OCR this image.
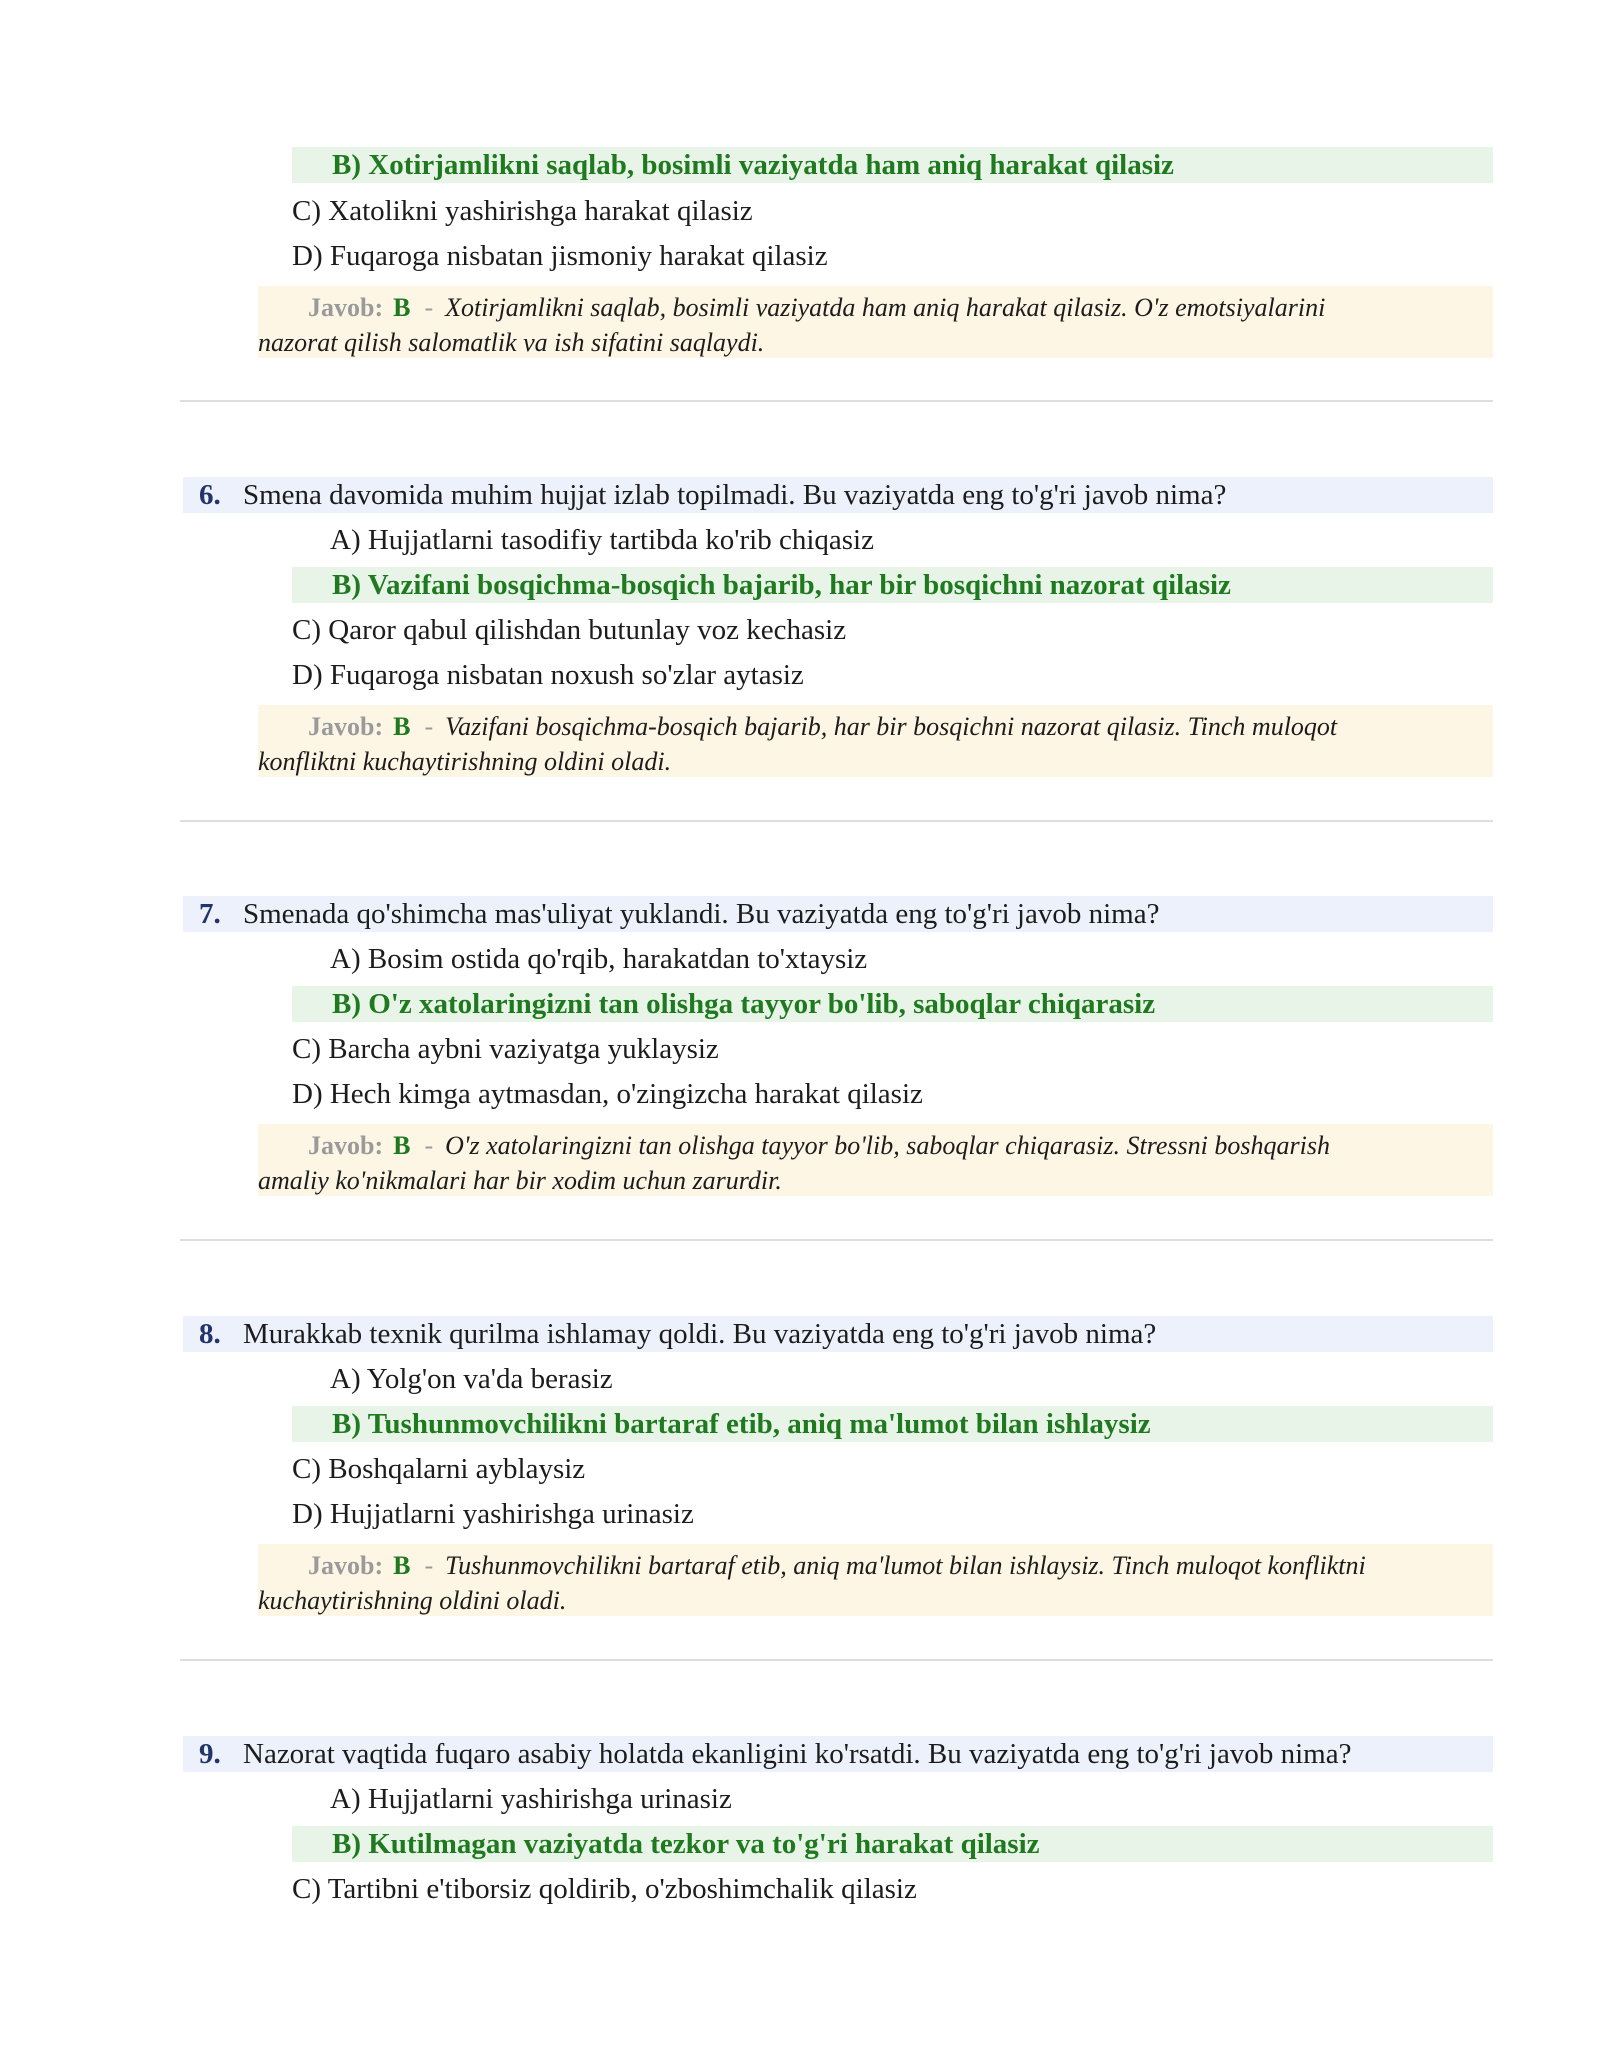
B) Xotirjamlikni saqlab, bosimli vaziyatda ham aniq harakat qilasiz
C) Xatolikni yashirishga harakat qilasiz
D) Fuqaroga nisbatan jismoniy harakat qilasiz
Javob: B - Xotirjamlikni saqlab, bosimli vaziyatda ham aniq harakat qilasiz. O'z emotsiyalarini
nazorat qilish salomatlik va ish sifatini saqlaydi.
6. Smena davomida muhim hujjat izlab topilmadi. Bu vaziyatda eng to'g'ri javob nima?
A) Hujjatlarni tasodifiy tartibda ko'rib chiqasiz
B) Vazifani bosqichma-bosqich bajarib, har bir bosqichni nazorat qilasiz
C) Qaror qabul qilishdan butunlay voz kechasiz
D) Fuqaroga nisbatan noxush so'zlar aytasiz
Javob: B - Vazifani bosqichma-bosqich bajarib, har bir bosqichni nazorat qilasiz. Tinch muloqot
konfliktni kuchaytirishning oldini oladi.
7. Smenada qo'shimcha mas'uliyat yuklandi. Bu vaziyatda eng to'g'ri javob nima?
A) Bosim ostida qo'rqib, harakatdan to'xtaysiz
B) O'z xatolaringizni tan olishga tayyor bo'lib, saboqlar chiqarasiz
C) Barcha aybni vaziyatga yuklaysiz
D) Hech kimga aytmasdan, o'zingizcha harakat qilasiz
Javob: B - O'z xatolaringizni tan olishga tayyor bo'lib, saboqlar chiqarasiz. Stressni boshqarish
amaliy ko'nikmalari har bir xodim uchun zarurdir.
8. Murakkab texnik qurilma ishlamay qoldi. Bu vaziyatda eng to'g'ri javob nima?
A) Yolg'on va'da berasiz
B) Tushunmovchilikni bartaraf etib, aniq ma'lumot bilan ishlaysiz
C) Boshqalarni ayblaysiz
D) Hujjatlarni yashirishga urinasiz
Javob: B - Tushunmovchilikni bartaraf etib, aniq ma'lumot bilan ishlaysiz. Tinch muloqot konfliktni
kuchaytirishning oldini oladi.
9. Nazorat vaqtida fuqaro asabiy holatda ekanligini ko'rsatdi. Bu vaziyatda eng to'g'ri javob nima?
A) Hujjatlarni yashirishga urinasiz
B) Kutilmagan vaziyatda tezkor va to'g'ri harakat qilasiz
C) Tartibni e'tiborsiz qoldirib, o'zboshimchalik qilasiz
